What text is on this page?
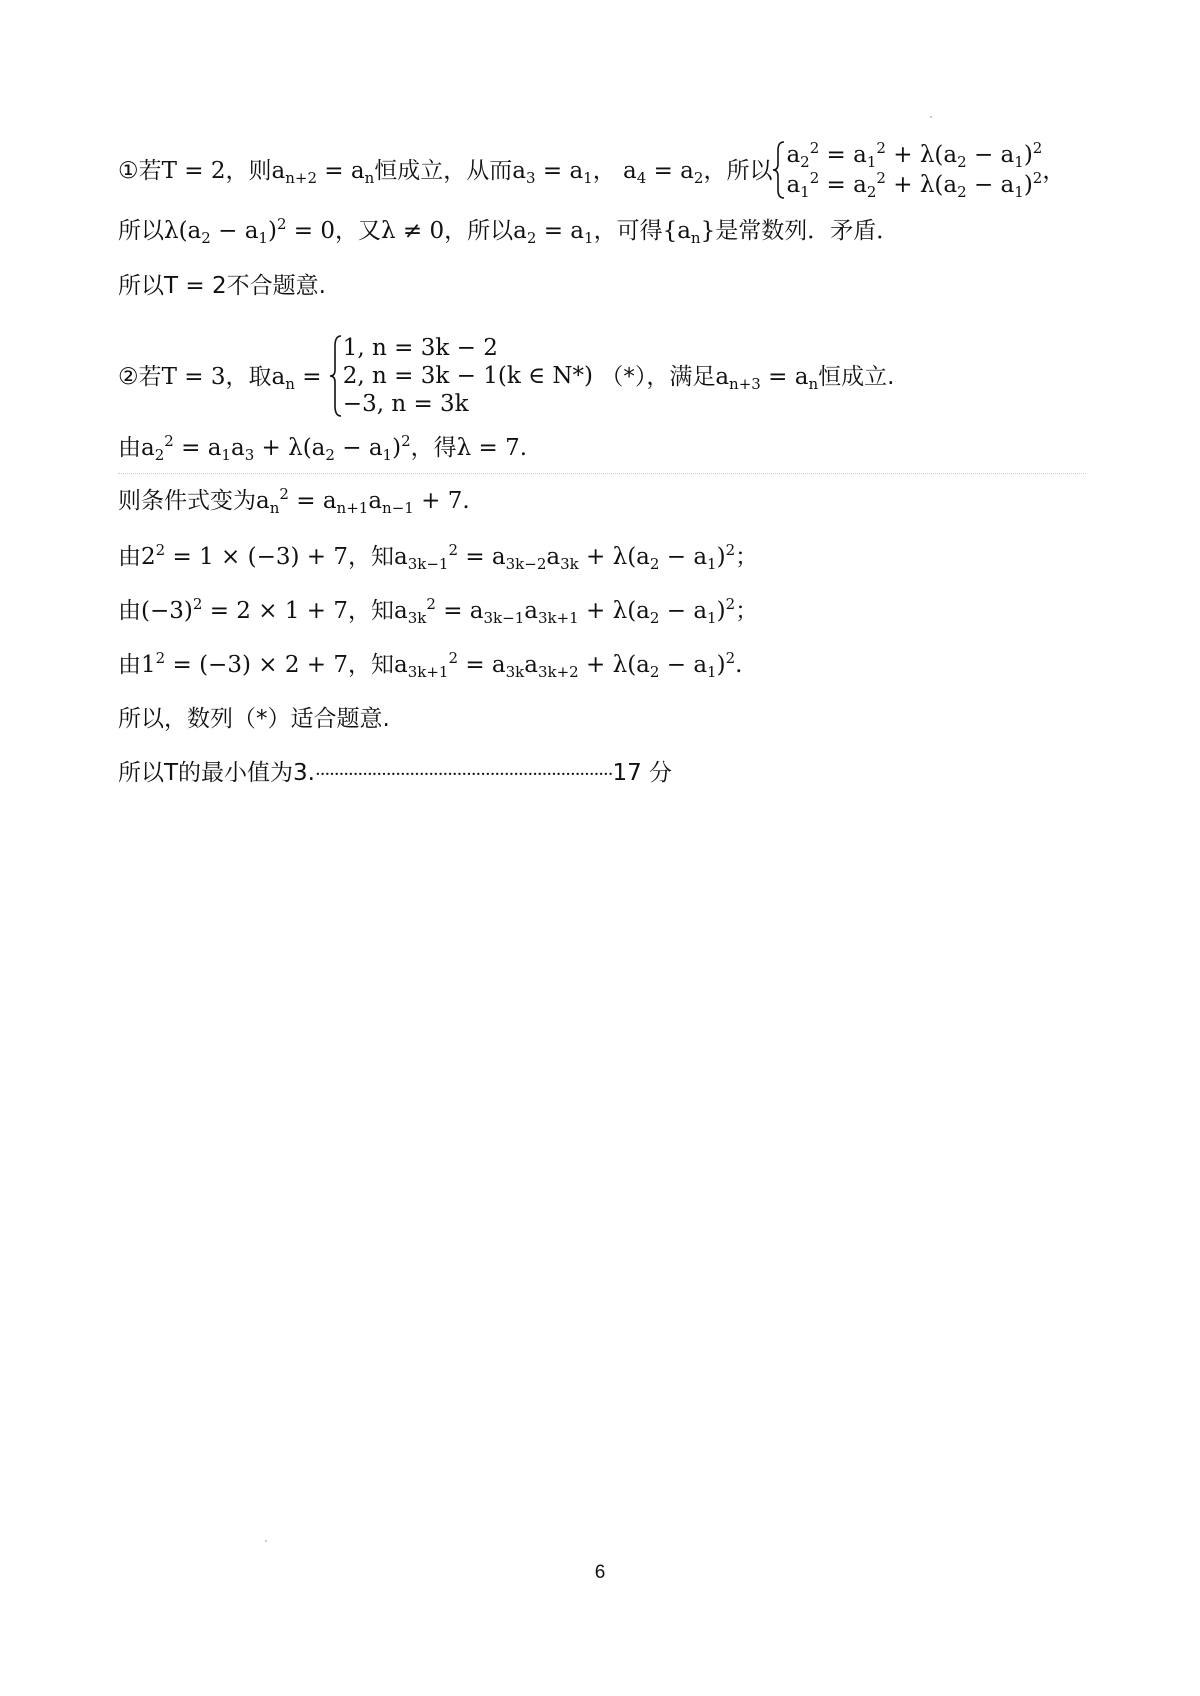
①若T = 2，则$a_{n+2} = a_n$恒成立，从而$a_3 = a_1$， $a_4 = a_2$，所以
$a_2^2 = a_1^2 + \lambda(a_2 - a_1)^2$
$a_1^2 = a_2^2 + \lambda(a_2 - a_1)^2$ ，
所以$\lambda(a_2 - a_1)^2 = 0$，又λ ≠ 0，所以$a_2 = a_1$，可得$\{a_n\}$是常数列．矛盾．
所以T = 2不合题意.
②若T = 3，取$a_n$ =
1, n = 3k − 2
2, n = 3k − 1(k ∈ N*)
−3, n = 3k
（*），满足$a_{n+3} = a_n$恒成立.
由$a_2^2 = a_1a_3 + \lambda(a_2 - a_1)^2$，得λ = 7.
则条件式变为$a_n^2 = a_{n+1}a_{n-1} + 7$.
由$2^2 = 1 \times (-3) + 7$，知$a_{3k-1}^2 = a_{3k-2}a_{3k} + \lambda(a_2 - a_1)^2$；
由$(-3)^2 = 2 \times 1 + 7$，知$a_{3k}^2 = a_{3k-1}a_{3k+1} + \lambda(a_2 - a_1)^2$；
由$1^2 = (-3) \times 2 + 7$，知$a_{3k+1}^2 = a_{3k}a_{3k+2} + \lambda(a_2 - a_1)^2$.
所以，数列（*）适合题意.
所以T的最小值为3.·······························································17 分
6
